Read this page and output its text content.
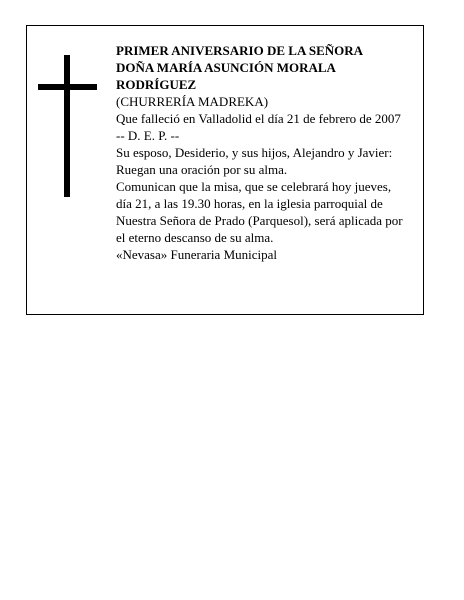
PRIMER ANIVERSARIO DE LA SEÑORA
DOÑA MARÍA ASUNCIÓN MORALA
RODRÍGUEZ
(CHURRERÍA MADREKA)
Que falleció en Valladolid el día 21 de febrero de 2007
-- D. E. P. --
Su esposo, Desiderio, y sus hijos, Alejandro y Javier:
Ruegan una oración por su alma.
Comunican que la misa, que se celebrará hoy jueves,
día 21, a las 19.30 horas, en la iglesia parroquial de
Nuestra Señora de Prado (Parquesol), será aplicada por
el eterno descanso de su alma.
«Nevasa» Funeraria Municipal
